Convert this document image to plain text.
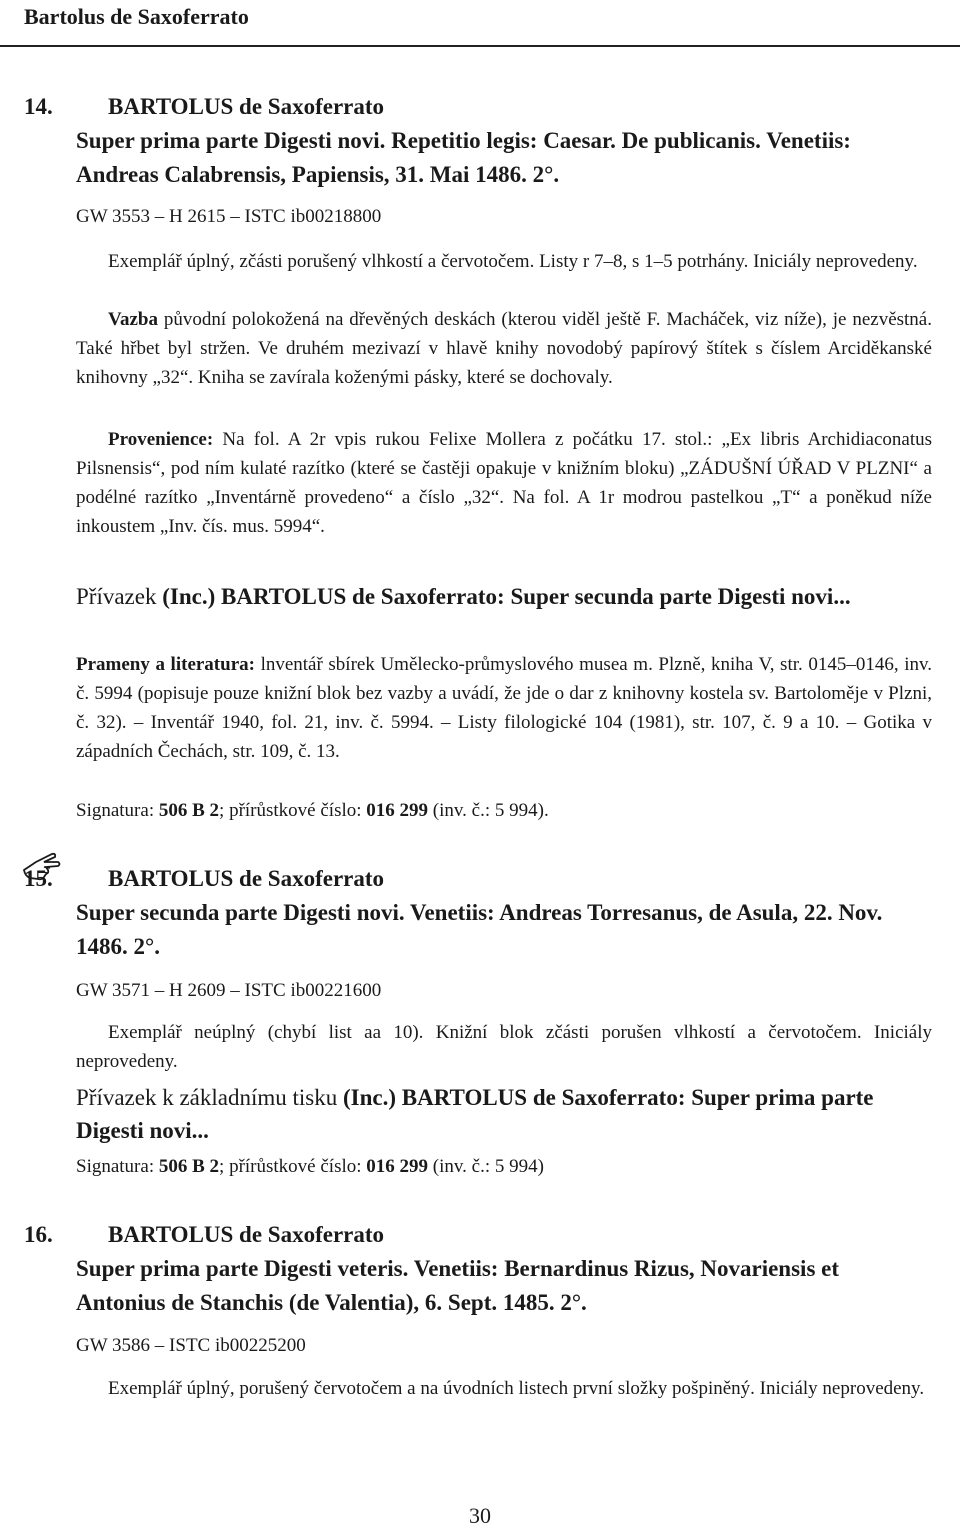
Bartolus de Saxoferrato
14. BARTOLUS de Saxoferrato
Super prima parte Digesti novi. Repetitio legis: Caesar. De publicanis. Venetiis: Andreas Calabrensis, Papiensis, 31. Mai 1486. 2°.
GW 3553 – H 2615 – ISTC ib00218800
Exemplář úplný, zčásti porušený vlhkostí a červotočem. Listy r 7–8, s 1–5 potrhány. Iniciály neprovedeny.
Vazba původní polokožená na dřevěných deskách (kterou viděl ještě F. Macháček, viz níže), je nezvěstná. Také hřbet byl stržen. Ve druhém mezivazí v hlavě knihy novodobý papírový štítek s číslem Arciděkanské knihovny „32“. Kniha se zavírala koženými pásky, které se dochovaly.
Provenience: Na fol. A 2r vpis rukou Felixe Mollera z počátku 17. stol.: „Ex libris Archidiaconatus Pilsnensis“, pod ním kulaté razítko (které se častěji opakuje v knižním bloku) „ZÁDUŠNÍ ÚŘAD V PLZNI“ a podélné razítko „Inventárně provedeno“ a číslo „32“. Na fol. A 1r modrou pastelkou „T“ a poněkud níže inkoustem „Inv. čís. mus. 5994“.
Přívazek (Inc.) BARTOLUS de Saxoferrato: Super secunda parte Digesti novi...
Prameny a literatura: lnventář sbírek Umělecko-průmyslového musea m. Plzně, kniha V, str. 0145–0146, inv. č. 5994 (popisuje pouze knižní blok bez vazby a uvádí, že jde o dar z knihovny kostela sv. Bartoloměje v Plzni, č. 32). – Inventář 1940, fol. 21, inv. č. 5994. – Listy filologické 104 (1981), str. 107, č. 9 a 10. – Gotika v západních Čechách, str. 109, č. 13.
Signatura: 506 B 2; přírůstkové číslo: 016 299 (inv. č.: 5 994).
15. BARTOLUS de Saxoferrato
Super secunda parte Digesti novi. Venetiis: Andreas Torresanus, de Asula, 22. Nov. 1486. 2°.
GW 3571 – H 2609 – ISTC ib00221600
Exemplář neúplný (chybí list aa 10). Knižní blok zčásti porušen vlhkostí a červotočem. Iniciály neprovedeny.
Přívazek k základnímu tisku (Inc.) BARTOLUS de Saxoferrato: Super prima parte Digesti novi...
Signatura: 506 B 2; přírůstkové číslo: 016 299 (inv. č.: 5 994)
16. BARTOLUS de Saxoferrato
Super prima parte Digesti veteris. Venetiis: Bernardinus Rizus, Novariensis et Antonius de Stanchis (de Valentia), 6. Sept. 1485. 2°.
GW 3586 – ISTC ib00225200
Exemplář úplný, porušený červotočem a na úvodních listech první složky pošpiněný. Iniciály neprovedeny.
30
